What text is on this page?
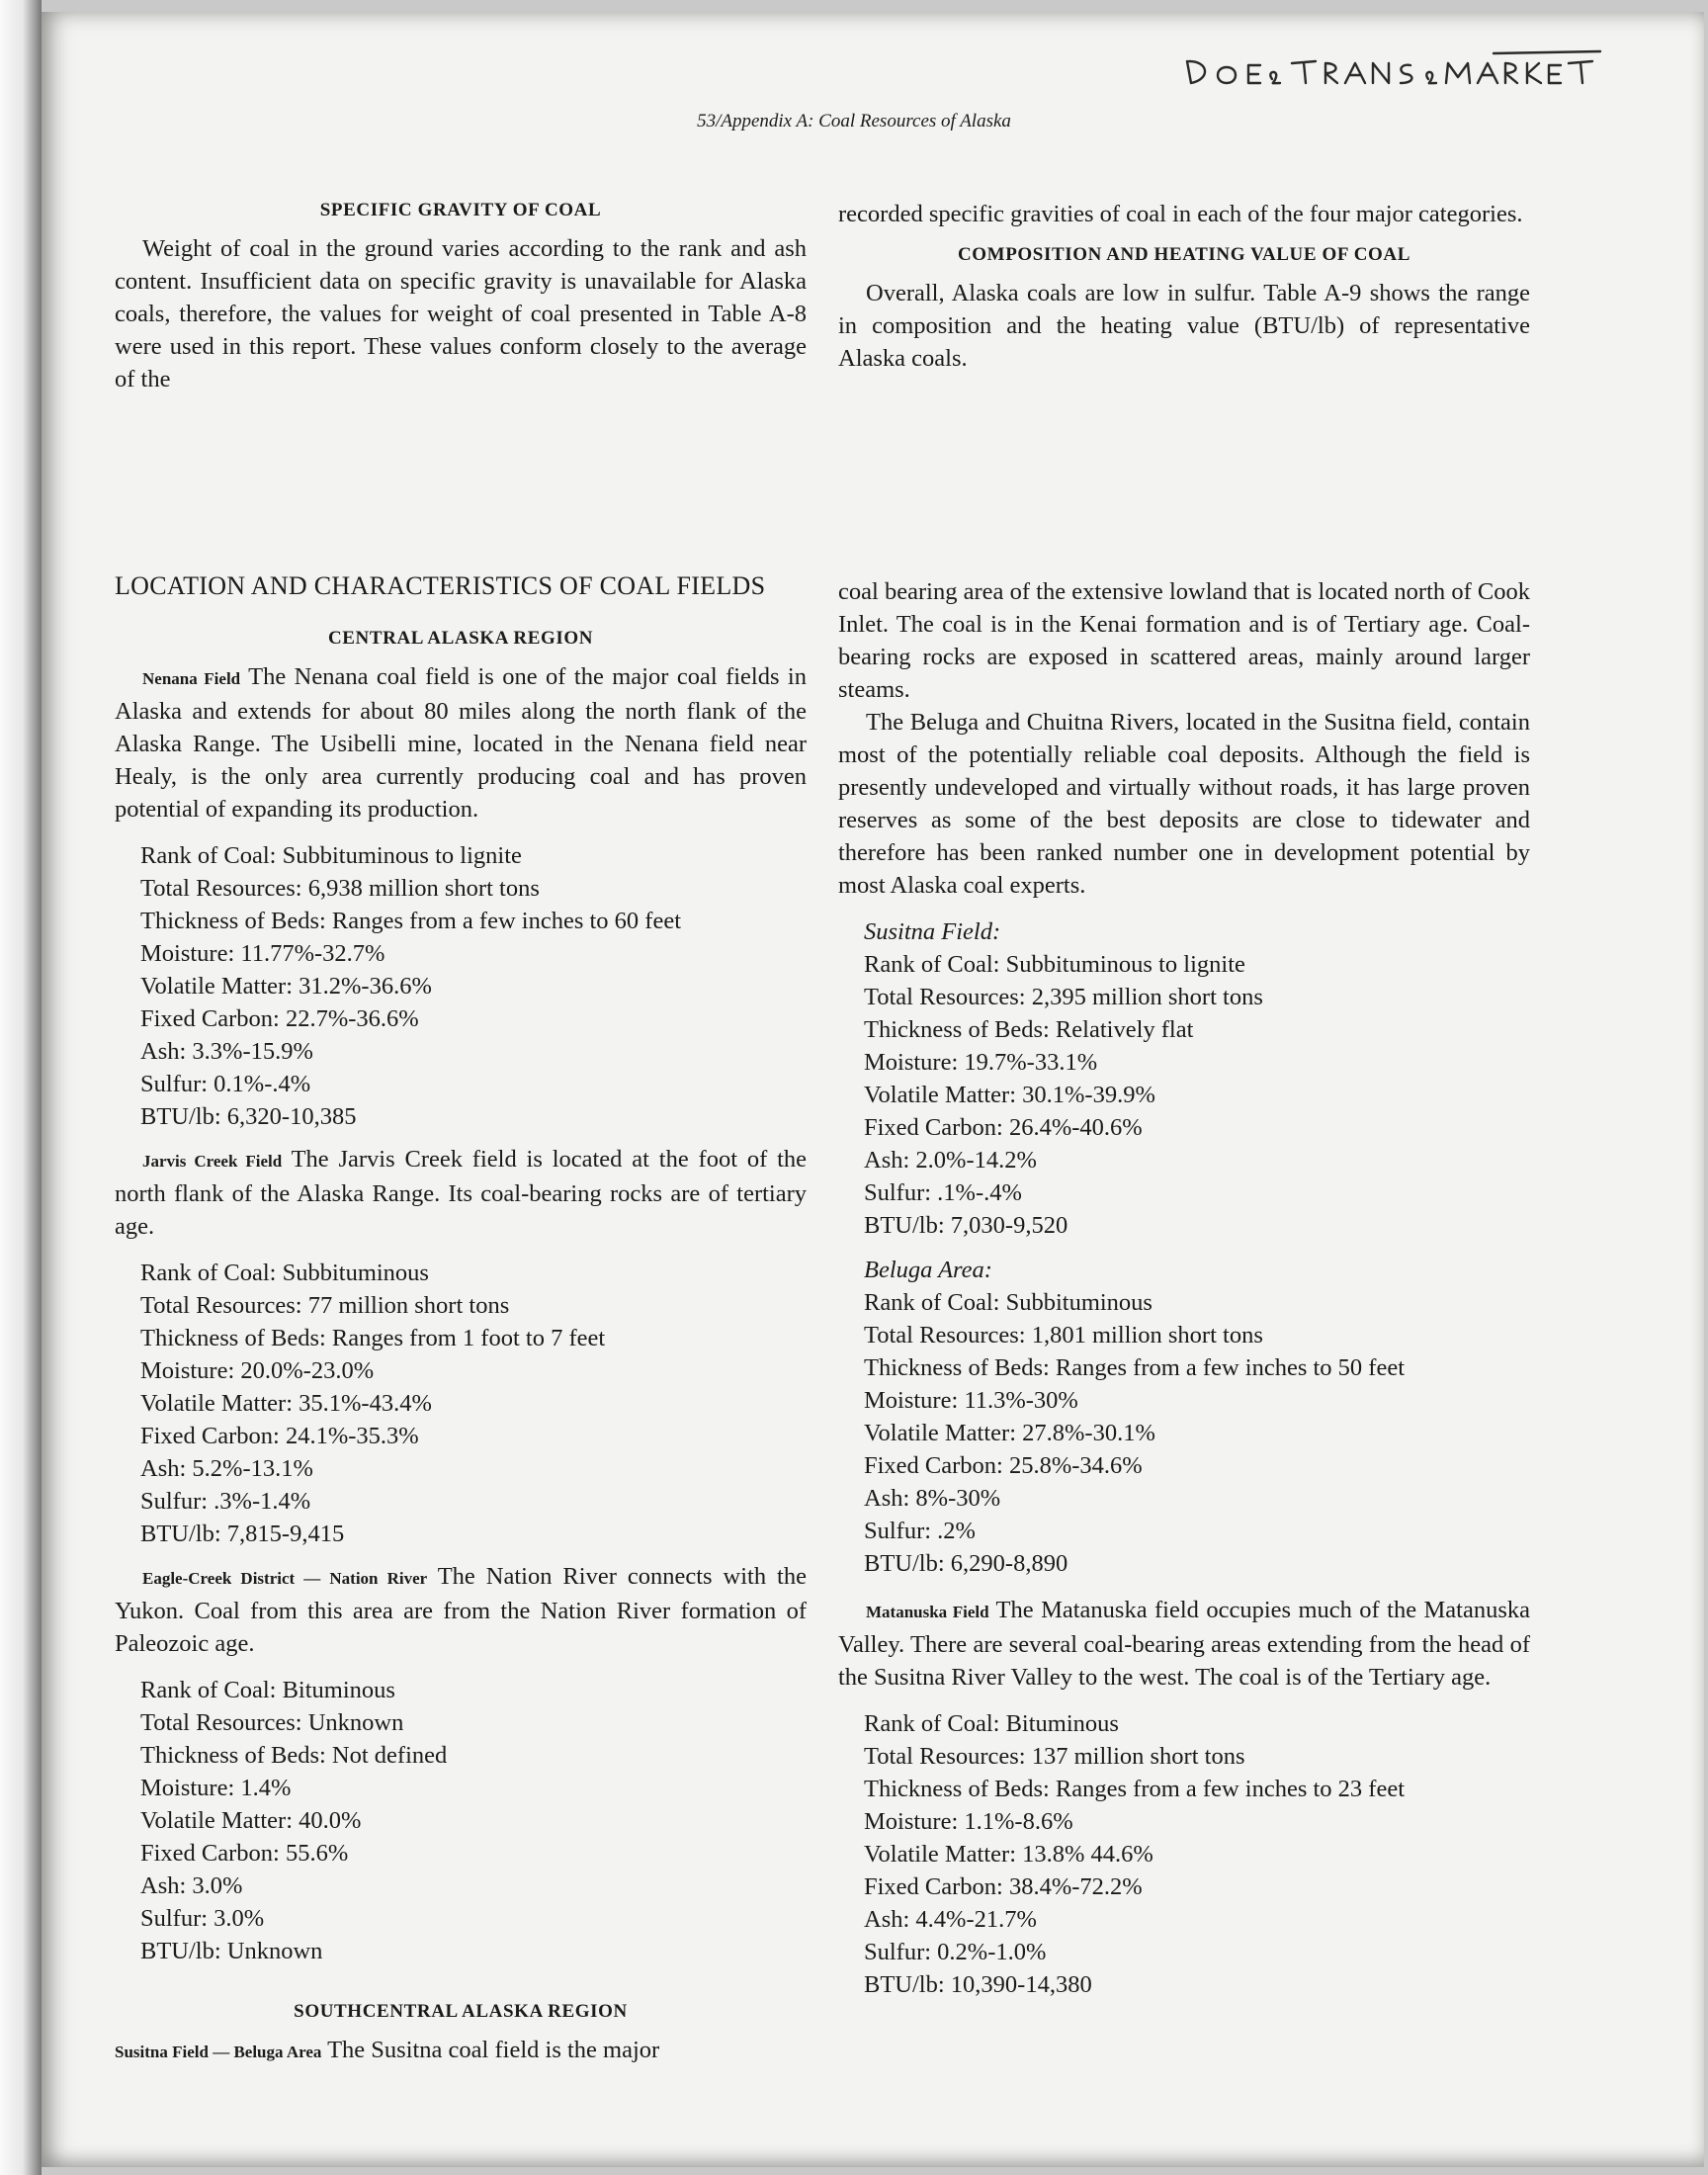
53/Appendix A: Coal Resources of Alaska
SPECIFIC GRAVITY OF COAL

Weight of coal in the ground varies according to the rank and ash content. Insufficient data on specific gravity is unavailable for Alaska coals, therefore, the values for weight of coal presented in Table A-8 were used in this report. These values conform closely to the average of the

recorded specific gravities of coal in each of the four major categories.

COMPOSITION AND HEATING VALUE OF COAL

Overall, Alaska coals are low in sulfur. Table A-9 shows the range in composition and the heating value (BTU/lb) of representative Alaska coals.

LOCATION AND CHARACTERISTICS OF COAL FIELDS
CENTRAL ALASKA REGION

Nenana Field The Nenana coal field is one of the major coal fields in Alaska and extends for about 80 miles along the north flank of the Alaska Range. The Usibelli mine, located in the Nenana field near Healy, is the only area currently producing coal and has proven potential of expanding its production.

Rank of Coal: Subbituminous to lignite
Total Resources: 6,938 million short tons
Thickness of Beds: Ranges from a few inches to 60 feet
Moisture: 11.77%-32.7%
Volatile Matter: 31.2%-36.6%
Fixed Carbon: 22.7%-36.6%
Ash: 3.3%-15.9%
Sulfur: 0.1%-.4%
BTU/lb: 6,320-10,385

Jarvis Creek Field The Jarvis Creek field is located at the foot of the north flank of the Alaska Range. Its coal-bearing rocks are of tertiary age.

Rank of Coal: Subbituminous
Total Resources: 77 million short tons
Thickness of Beds: Ranges from 1 foot to 7 feet
Moisture: 20.0%-23.0%
Volatile Matter: 35.1%-43.4%
Fixed Carbon: 24.1%-35.3%
Ash: 5.2%-13.1%
Sulfur: .3%-1.4%
BTU/lb: 7,815-9,415

Eagle-Creek District — Nation River The Nation River connects with the Yukon. Coal from this area are from the Nation River formation of Paleozoic age.

Rank of Coal: Bituminous
Total Resources: Unknown
Thickness of Beds: Not defined
Moisture: 1.4%
Volatile Matter: 40.0%
Fixed Carbon: 55.6%
Ash: 3.0%
Sulfur: 3.0%
BTU/lb: Unknown
SOUTHCENTRAL ALASKA REGION

Susitna Field — Beluga Area The Susitna coal field is the major

coal bearing area of the extensive lowland that is located north of Cook Inlet. The coal is in the Kenai formation and is of Tertiary age. Coal-bearing rocks are exposed in scattered areas, mainly around larger steams.

The Beluga and Chuitna Rivers, located in the Susitna field, contain most of the potentially reliable coal deposits. Although the field is presently undeveloped and virtually without roads, it has large proven reserves as some of the best deposits are close to tidewater and therefore has been ranked number one in development potential by most Alaska coal experts.

Susitna Field:
Rank of Coal: Subbituminous to lignite
Total Resources: 2,395 million short tons
Thickness of Beds: Relatively flat
Moisture: 19.7%-33.1%
Volatile Matter: 30.1%-39.9%
Fixed Carbon: 26.4%-40.6%
Ash: 2.0%-14.2%
Sulfur: .1%-.4%
BTU/lb: 7,030-9,520
Beluga Area:
Rank of Coal: Subbituminous
Total Resources: 1,801 million short tons
Thickness of Beds: Ranges from a few inches to 50 feet
Moisture: 11.3%-30%
Volatile Matter: 27.8%-30.1%
Fixed Carbon: 25.8%-34.6%
Ash: 8%-30%
Sulfur: .2%
BTU/lb: 6,290-8,890

Matanuska Field The Matanuska field occupies much of the Matanuska Valley. There are several coal-bearing areas extending from the head of the Susitna River Valley to the west. The coal is of the Tertiary age.

Rank of Coal: Bituminous
Total Resources: 137 million short tons
Thickness of Beds: Ranges from a few inches to 23 feet
Moisture: 1.1%-8.6%
Volatile Matter: 13.8% 44.6%
Fixed Carbon: 38.4%-72.2%
Ash: 4.4%-21.7%
Sulfur: 0.2%-1.0%
BTU/lb: 10,390-14,380
